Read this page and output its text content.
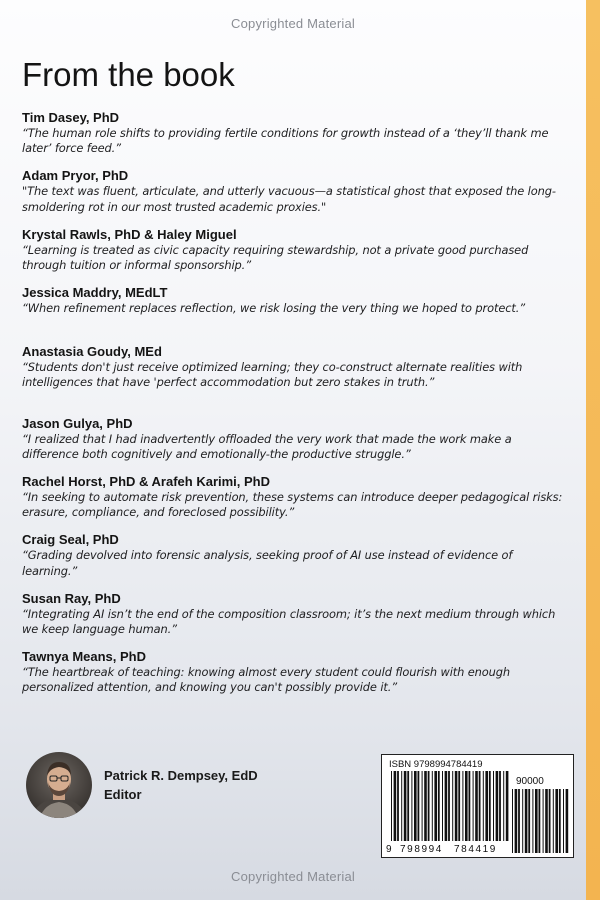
Copyrighted Material
From the book
Tim Dasey, PhD
“The human role shifts to providing fertile conditions for growth instead of a ‘they’ll thank me later’ force feed.”
Adam Pryor, PhD
"The text was fluent, articulate, and utterly vacuous—a statistical ghost that exposed the long-smoldering rot in our most trusted academic proxies."
Krystal Rawls, PhD & Haley Miguel
“Learning is treated as civic capacity requiring stewardship, not a private good purchased through tuition or informal sponsorship.”
Jessica Maddry, MEdLT
“When refinement replaces reflection, we risk losing the very thing we hoped to protect.”
Anastasia Goudy, MEd
“Students don't just receive optimized learning; they co-construct alternate realities with intelligences that have 'perfect accommodation but zero stakes in truth.”
Jason Gulya, PhD
“I realized that I had inadvertently offloaded the very work that made the work make a difference both cognitively and emotionally-the productive struggle.”
Rachel Horst, PhD & Arafeh Karimi, PhD
“In seeking to automate risk prevention, these systems can introduce deeper pedagogical risks: erasure, compliance, and foreclosed possibility.”
Craig Seal, PhD
“Grading devolved into forensic analysis, seeking proof of AI use instead of evidence of learning.”
Susan Ray, PhD
“Integrating AI isn’t the end of the composition classroom; it’s the next medium through which we keep language human.”
Tawnya Means, PhD
“The heartbreak of teaching: knowing almost every student could flourish with enough personalized attention, and knowing you can't possibly provide it.”
Patrick R. Dempsey, EdD
Editor
ISBN 9798994784419
90000
9 798994 784419
Copyrighted Material
